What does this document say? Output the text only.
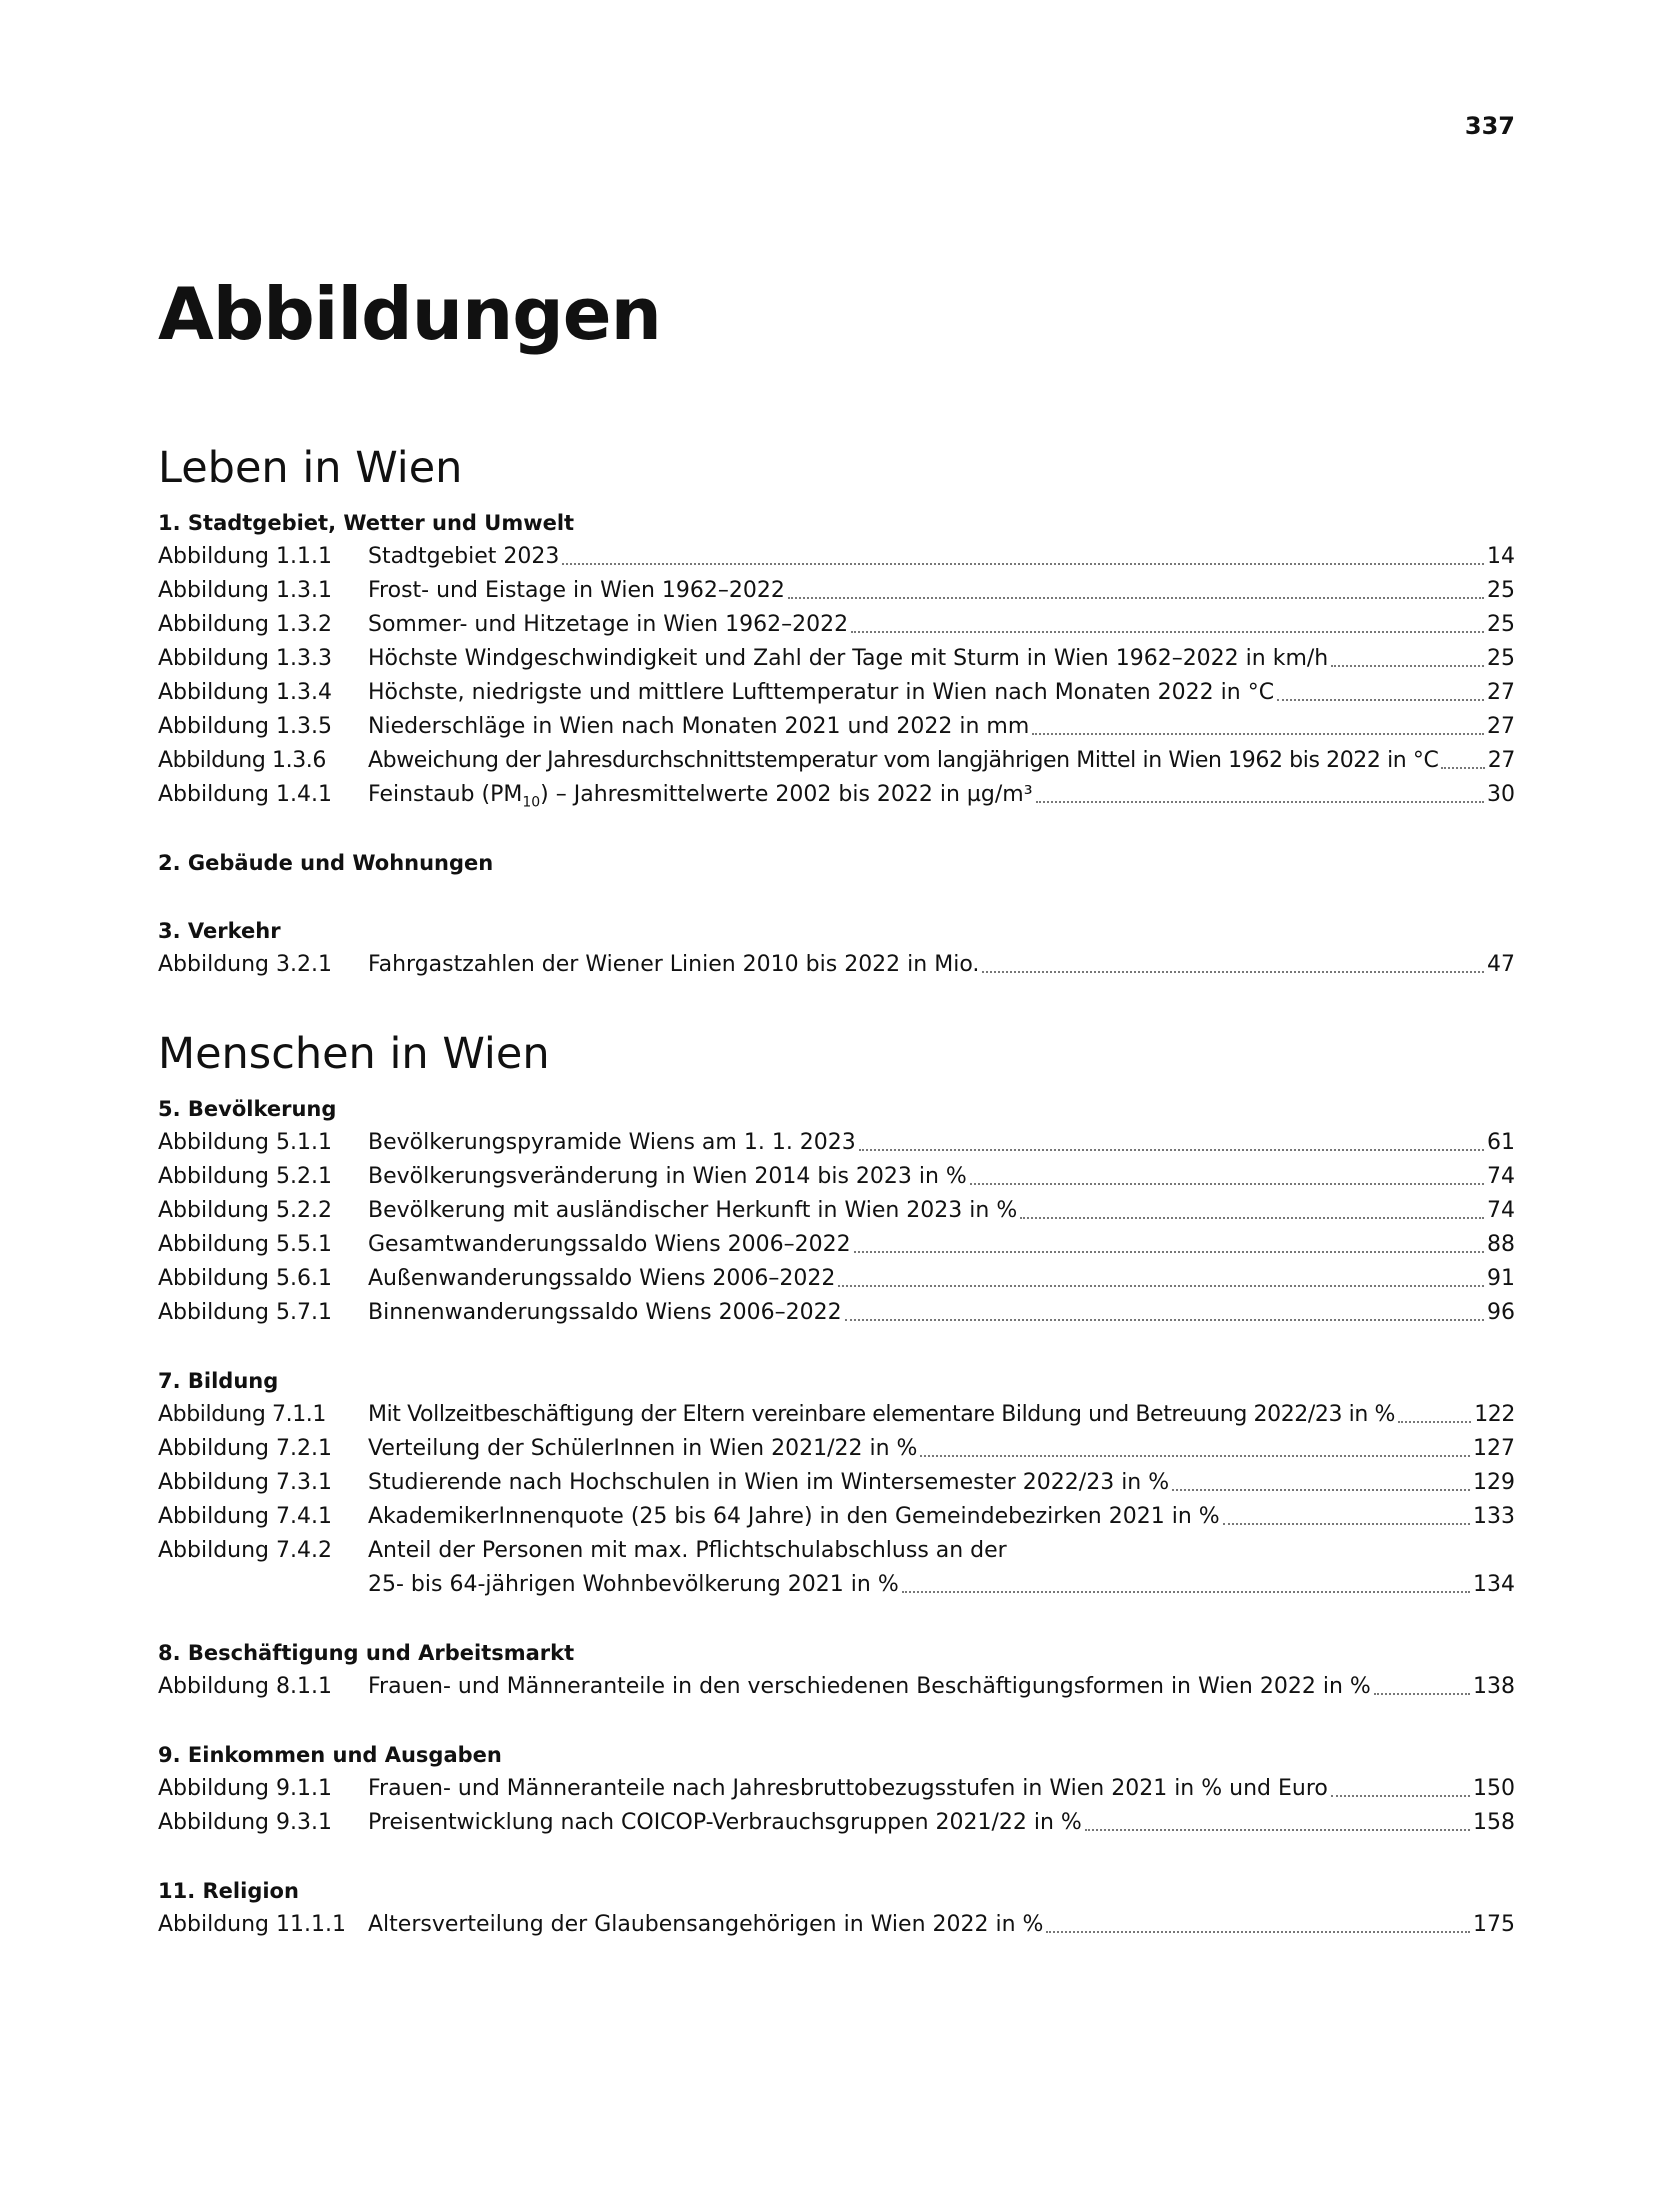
337
Abbildungen
Leben in Wien
1. Stadtgebiet, Wetter und Umwelt
Abbildung 1.1.1	Stadtgebiet 2023	14
Abbildung 1.3.1	Frost- und Eistage in Wien 1962–2022	25
Abbildung 1.3.2	Sommer- und Hitzetage in Wien 1962–2022	25
Abbildung 1.3.3	Höchste Windgeschwindigkeit und Zahl der Tage mit Sturm in Wien 1962–2022 in km/h	25
Abbildung 1.3.4	Höchste, niedrigste und mittlere Lufttemperatur in Wien nach Monaten 2022 in °C	27
Abbildung 1.3.5	Niederschläge in Wien nach Monaten 2021 und 2022 in mm	27
Abbildung 1.3.6	Abweichung der Jahresdurchschnittstemperatur vom langjährigen Mittel in Wien 1962 bis 2022 in °C 27
Abbildung 1.4.1	Feinstaub $(PM_{10})$ – Jahresmittelwerte 2002 bis 2022 in µg/m³	30
2. Gebäude und Wohnungen
3. Verkehr
Abbildung 3.2.1	Fahrgastzahlen der Wiener Linien 2010 bis 2022 in Mio.	47
Menschen in Wien
5. Bevölkerung
Abbildung 5.1.1	Bevölkerungspyramide Wiens am 1. 1. 2023	61
Abbildung 5.2.1	Bevölkerungsveränderung in Wien 2014 bis 2023 in %	74
Abbildung 5.2.2	Bevölkerung mit ausländischer Herkunft in Wien 2023 in %	74
Abbildung 5.5.1	Gesamtwanderungssaldo Wiens 2006–2022	88
Abbildung 5.6.1	Außenwanderungssaldo Wiens 2006–2022	91
Abbildung 5.7.1	Binnenwanderungssaldo Wiens 2006–2022	96
7. Bildung
Abbildung 7.1.1	Mit Vollzeitbeschäftigung der Eltern vereinbare elementare Bildung und Betreuung 2022/23 in %	122
Abbildung 7.2.1	Verteilung der SchülerInnen in Wien 2021/22 in %	127
Abbildung 7.3.1	Studierende nach Hochschulen in Wien im Wintersemester 2022/23 in %	129
Abbildung 7.4.1	AkademikerInnenquote (25 bis 64 Jahre) in den Gemeindebezirken 2021 in %	133
Abbildung 7.4.2	Anteil der Personen mit max. Pflichtschulabschluss an der
25- bis 64-jährigen Wohnbevölkerung 2021 in %	134
8. Beschäftigung und Arbeitsmarkt
Abbildung 8.1.1	Frauen- und Männeranteile in den verschiedenen Beschäftigungsformen in Wien 2022 in %	138
9. Einkommen und Ausgaben
Abbildung 9.1.1	Frauen- und Männeranteile nach Jahresbruttobezugsstufen in Wien 2021 in % und Euro	150
Abbildung 9.3.1	Preisentwicklung nach COICOP-Verbrauchsgruppen 2021/22 in %	158
11. Religion
Abbildung 11.1.1	Altersverteilung der Glaubensangehörigen in Wien 2022 in %	175
